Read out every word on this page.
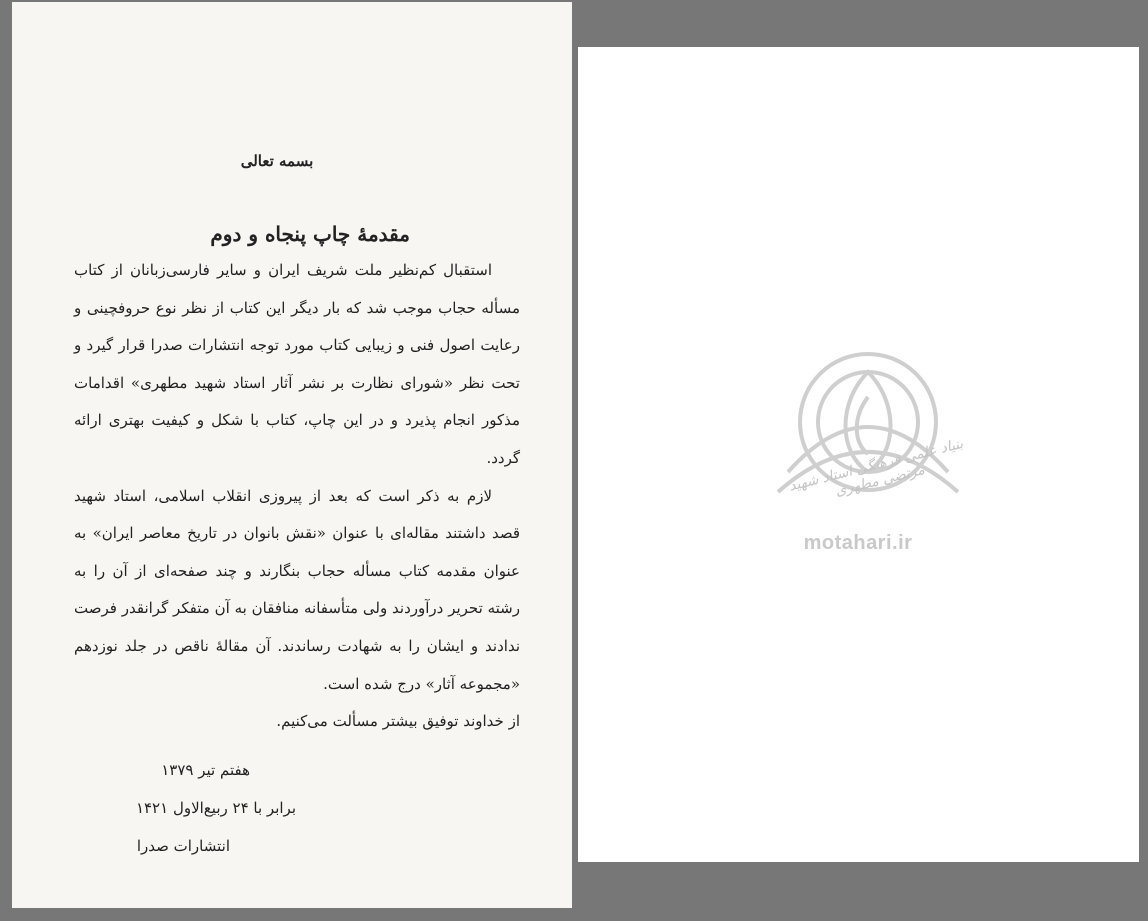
بسمه تعالی
مقدمهٔ چاپ پنجاه و دوم

استقبال کم‌نظیر ملت شریف ایران و سایر فارسی‌زبانان از کتاب مسأله حجاب موجب شد که بار دیگر این کتاب از نظر نوع حروفچینی و رعایت اصول فنی و زیبایی کتاب مورد توجه انتشارات صدرا قرار گیرد و تحت نظر «شورای نظارت بر نشر آثار استاد شهید مطهری» اقدامات مذکور انجام پذیرد و در این چاپ، کتاب با شکل و کیفیت بهتری ارائه گردد.

لازم به ذکر است که بعد از پیروزی انقلاب اسلامی، استاد شهید قصد داشتند مقاله‌ای با عنوان «نقش بانوان در تاریخ معاصر ایران» به عنوان مقدمه کتاب مسأله حجاب بنگارند و چند صفحه‌ای از آن را به رشته تحریر درآوردند ولی متأسفانه منافقان به آن متفکر گرانقدر فرصت ندادند و ایشان را به شهادت رساندند. آن مقالهٔ ناقص در جلد نوزدهم «مجموعه آثار» درج شده است.

از خداوند توفیق بیشتر مسألت می‌کنیم.

هفتم تیر ۱۳۷۹
برابر با ۲۴ ربیع‌الاول ۱۴۲۱
انتشارات صدرا
بنیاد علمی فرهنگی استاد شهید مرتضی مطهری
motahari.ir
